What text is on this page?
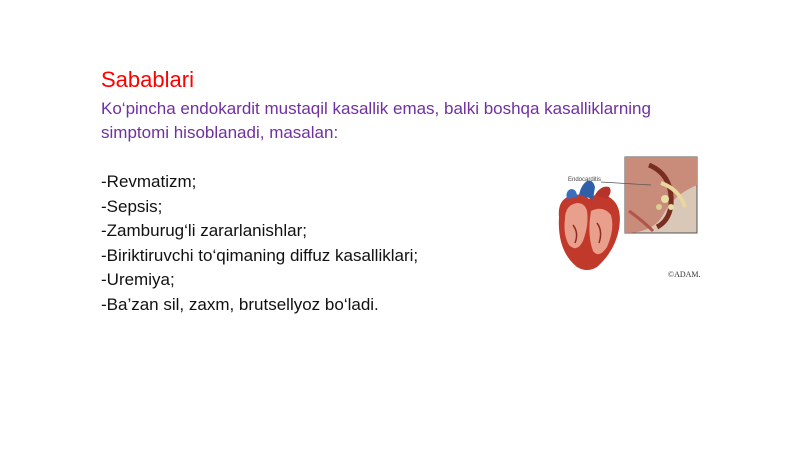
Sabablari
Ko‘pincha endokardit mustaqil kasallik emas, balki boshqa kasalliklarning simptomi hisoblanadi, masalan:
-Revmatizm;
-Sepsis;
-Zamburug‘li zararlanishlar;
-Biriktiruvchi to‘qimaning diffuz kasalliklari;
-Uremiya;
-Ba’zan sil, zaxm, brutsellyoz bo‘ladi.
Endocarditis
©ADAM.
